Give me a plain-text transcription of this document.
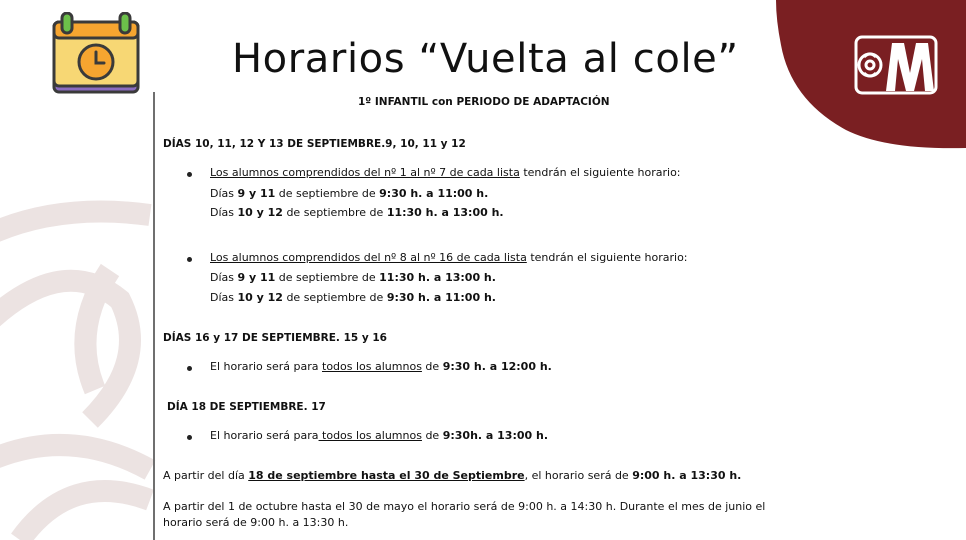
Horarios “Vuelta al cole”
1º INFANTIL con PERIODO DE ADAPTACIÓN
DÍAS 10, 11, 12 Y 13 DE SEPTIEMBRE.9, 10, 11 y 12
Los alumnos comprendidos del nº 1 al nº 7 de cada lista tendrán el siguiente horario:
Días 9 y 11 de septiembre de 9:30 h. a 11:00 h.
Días 10 y 12 de septiembre de 11:30 h. a 13:00 h.
Los alumnos comprendidos del nº 8 al nº 16 de cada lista tendrán el siguiente horario:
Días 9 y 11 de septiembre de 11:30 h. a 13:00 h.
Días 10 y 12 de septiembre de 9:30 h. a 11:00 h.
DÍAS 16 y 17 DE SEPTIEMBRE. 15 y 16
El horario será para todos los alumnos de 9:30 h. a 12:00 h.
DÍA 18 DE SEPTIEMBRE. 17
El horario será para todos los alumnos de 9:30h. a 13:00 h.
A partir del día 18 de septiembre hasta el 30 de Septiembre, el horario será de 9:00 h. a 13:30 h.
A partir del 1 de octubre hasta el 30 de mayo el horario será de 9:00 h. a 14:30 h. Durante el mes de junio el
horario será de 9:00 h. a 13:30 h.
